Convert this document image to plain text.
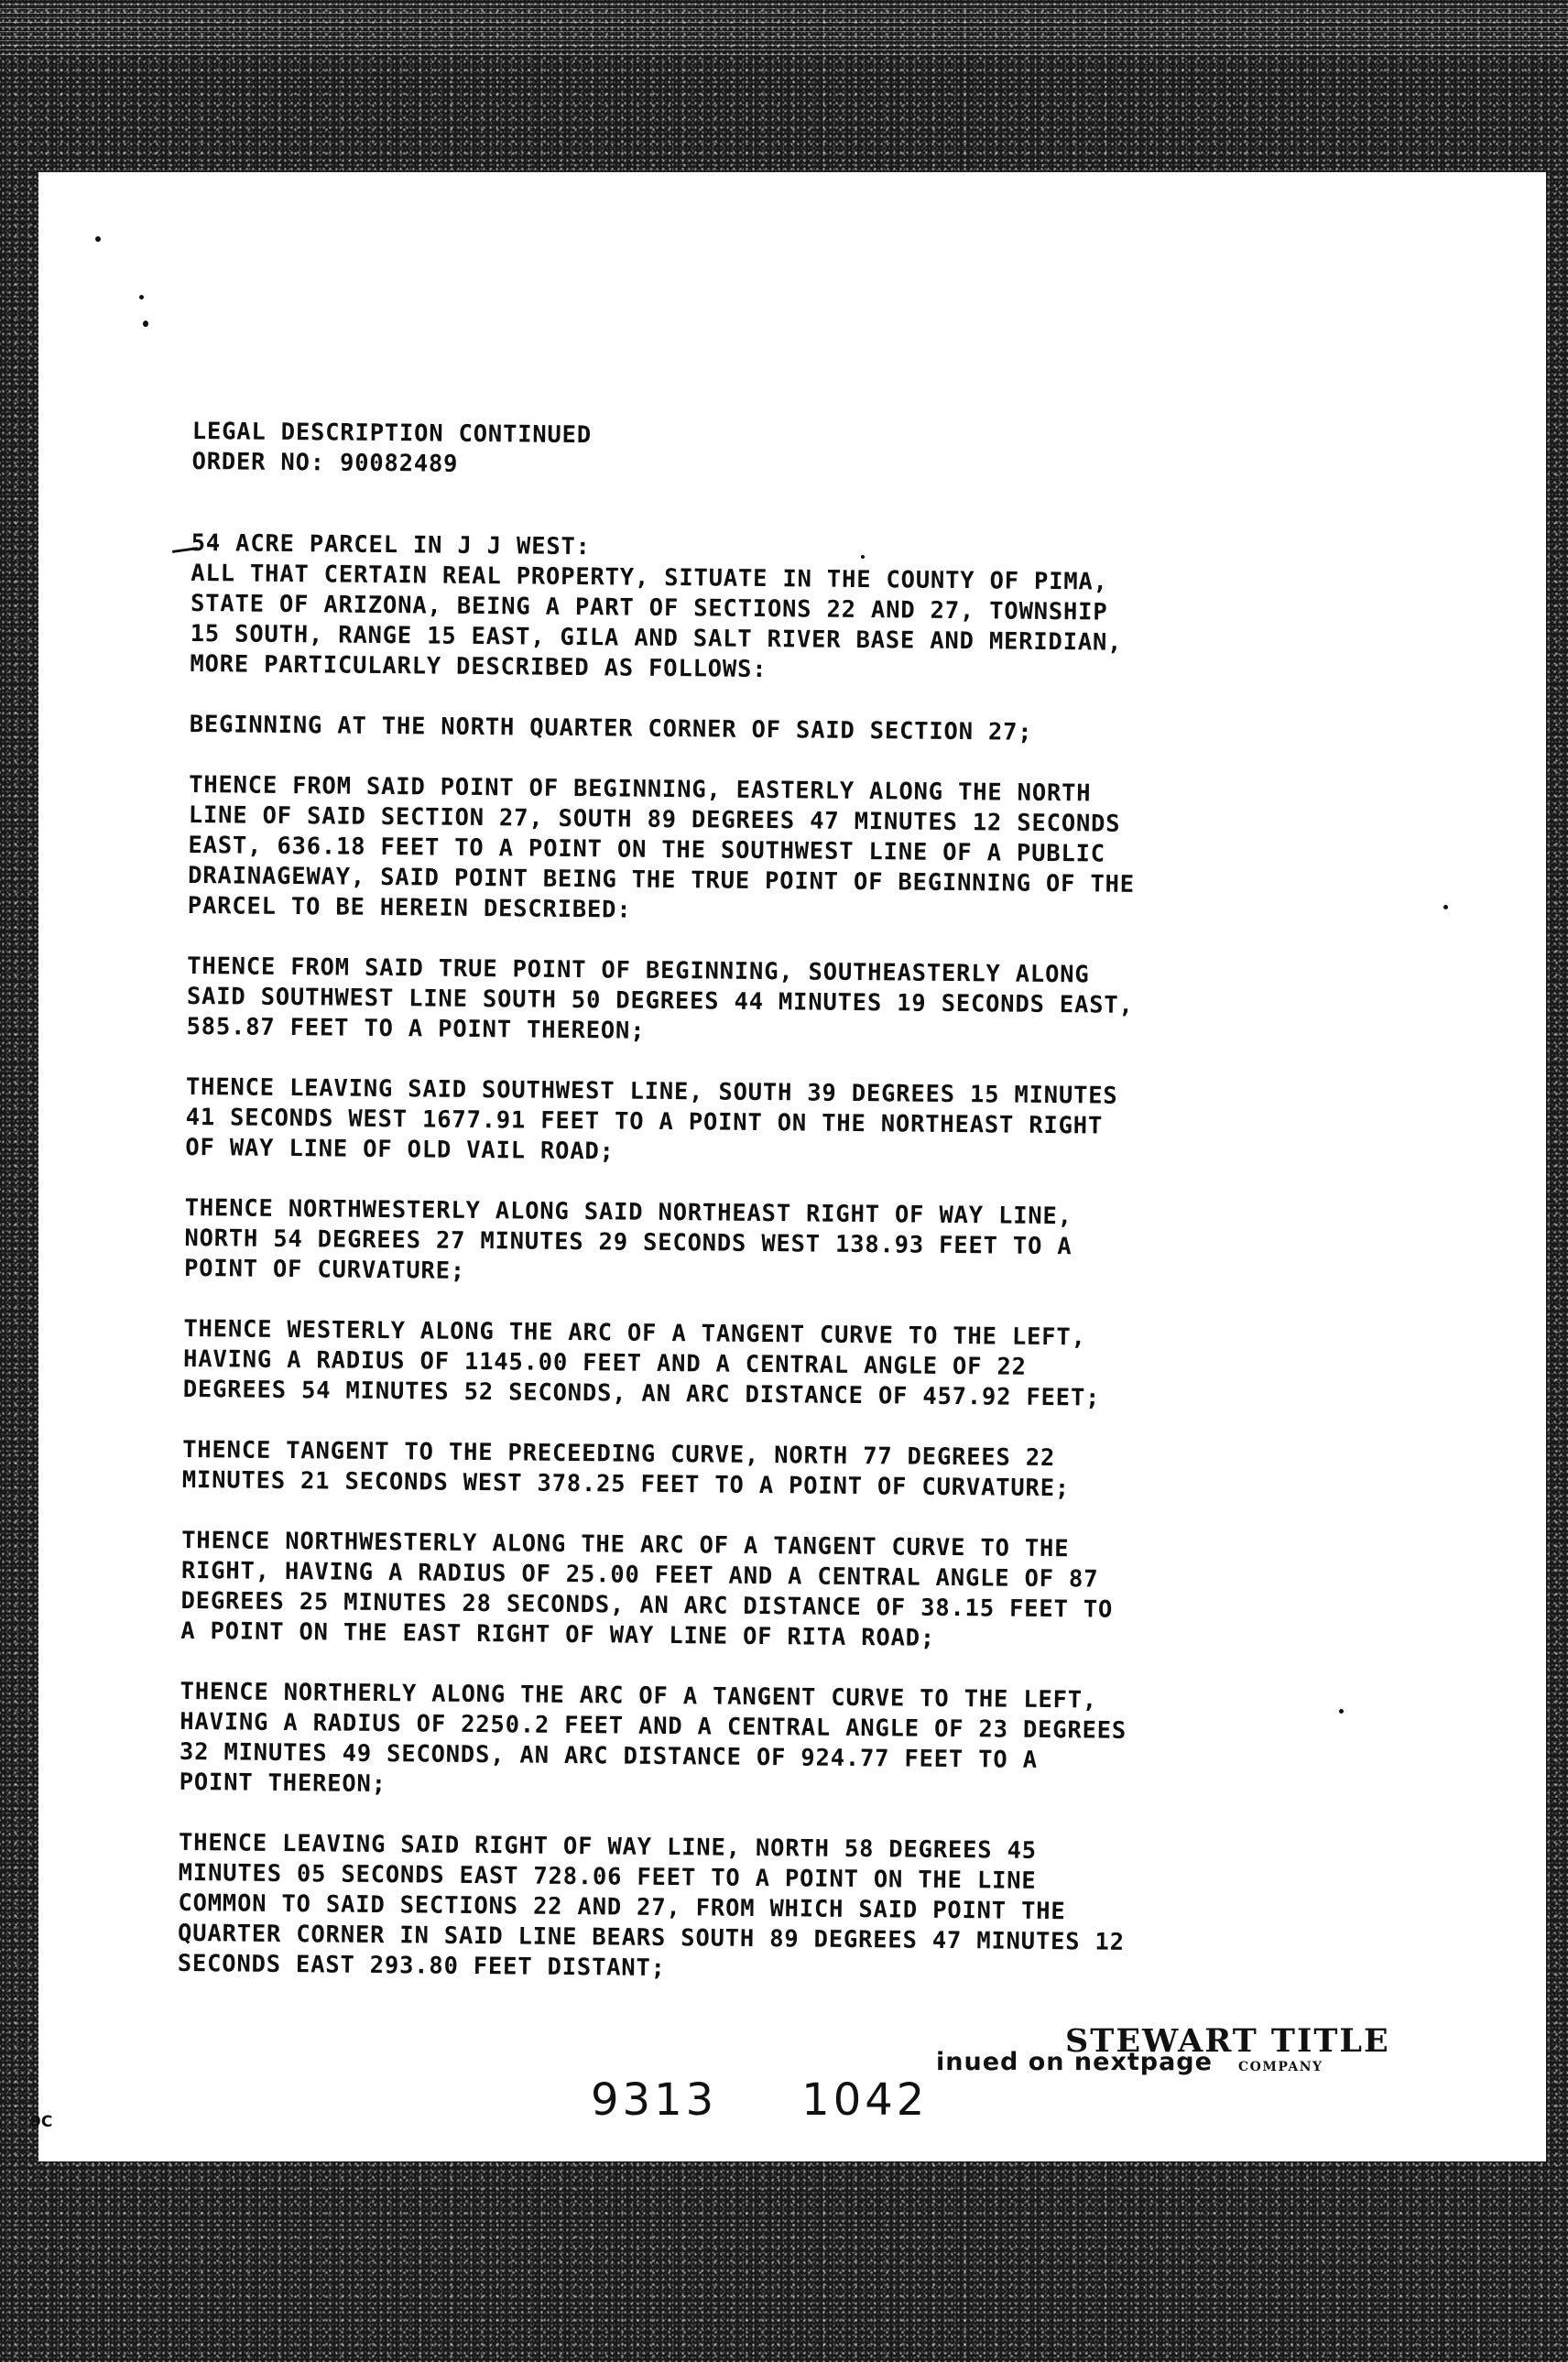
LEGAL DESCRIPTION CONTINUED

ORDER NO: 90082489

54 ACRE PARCEL IN J J WEST:

ALL THAT CERTAIN REAL PROPERTY, SITUATE IN THE COUNTY OF PIMA,

STATE OF ARIZONA, BEING A PART OF SECTIONS 22 AND 27, TOWNSHIP

15 SOUTH, RANGE 15 EAST, GILA AND SALT RIVER BASE AND MERIDIAN,

MORE PARTICULARLY DESCRIBED AS FOLLOWS:

BEGINNING AT THE NORTH QUARTER CORNER OF SAID SECTION 27;

THENCE FROM SAID POINT OF BEGINNING, EASTERLY ALONG THE NORTH

LINE OF SAID SECTION 27, SOUTH 89 DEGREES 47 MINUTES 12 SECONDS

EAST, 636.18 FEET TO A POINT ON THE SOUTHWEST LINE OF A PUBLIC

DRAINAGEWAY, SAID POINT BEING THE TRUE POINT OF BEGINNING OF THE

PARCEL TO BE HEREIN DESCRIBED:

THENCE FROM SAID TRUE POINT OF BEGINNING, SOUTHEASTERLY ALONG

SAID SOUTHWEST LINE SOUTH 50 DEGREES 44 MINUTES 19 SECONDS EAST,

585.87 FEET TO A POINT THEREON;

THENCE LEAVING SAID SOUTHWEST LINE, SOUTH 39 DEGREES 15 MINUTES

41 SECONDS WEST 1677.91 FEET TO A POINT ON THE NORTHEAST RIGHT

OF WAY LINE OF OLD VAIL ROAD;

THENCE NORTHWESTERLY ALONG SAID NORTHEAST RIGHT OF WAY LINE,

NORTH 54 DEGREES 27 MINUTES 29 SECONDS WEST 138.93 FEET TO A

POINT OF CURVATURE;

THENCE WESTERLY ALONG THE ARC OF A TANGENT CURVE TO THE LEFT,

HAVING A RADIUS OF 1145.00 FEET AND A CENTRAL ANGLE OF 22

DEGREES 54 MINUTES 52 SECONDS, AN ARC DISTANCE OF 457.92 FEET;

THENCE TANGENT TO THE PRECEEDING CURVE, NORTH 77 DEGREES 22

MINUTES 21 SECONDS WEST 378.25 FEET TO A POINT OF CURVATURE;

THENCE NORTHWESTERLY ALONG THE ARC OF A TANGENT CURVE TO THE

RIGHT, HAVING A RADIUS OF 25.00 FEET AND A CENTRAL ANGLE OF 87

DEGREES 25 MINUTES 28 SECONDS, AN ARC DISTANCE OF 38.15 FEET TO

A POINT ON THE EAST RIGHT OF WAY LINE OF RITA ROAD;

THENCE NORTHERLY ALONG THE ARC OF A TANGENT CURVE TO THE LEFT,

HAVING A RADIUS OF 2250.2 FEET AND A CENTRAL ANGLE OF 23 DEGREES

32 MINUTES 49 SECONDS, AN ARC DISTANCE OF 924.77 FEET TO A

POINT THEREON;

THENCE LEAVING SAID RIGHT OF WAY LINE, NORTH 58 DEGREES 45

MINUTES 05 SECONDS EAST 728.06 FEET TO A POINT ON THE LINE

COMMON TO SAID SECTIONS 22 AND 27, FROM WHICH SAID POINT THE

QUARTER CORNER IN SAID LINE BEARS SOUTH 89 DEGREES 47 MINUTES 12

SECONDS EAST 293.80 FEET DISTANT;

STEWART TITLE
inued on nextpage COMPANY
9313 1042
9C
